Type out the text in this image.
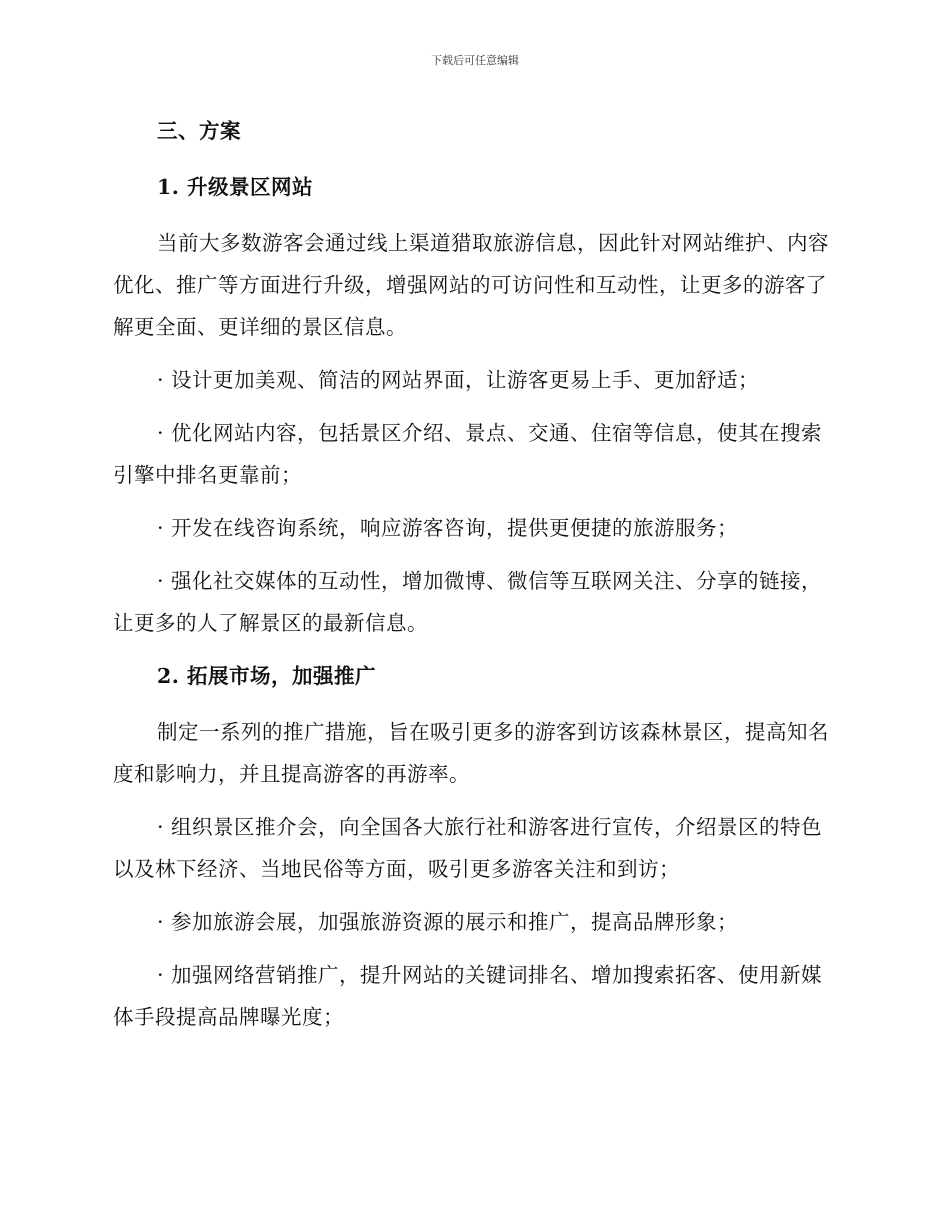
下载后可任意编辑

三、方案

1. 升级景区网站

当前大多数游客会通过线上渠道猎取旅游信息，因此针对网站维护、内容优化、推广等方面进行升级，增强网站的可访问性和互动性，让更多的游客了解更全面、更详细的景区信息。

· 设计更加美观、简洁的网站界面，让游客更易上手、更加舒适；

· 优化网站内容，包括景区介绍、景点、交通、住宿等信息，使其在搜索引擎中排名更靠前；

· 开发在线咨询系统，响应游客咨询，提供更便捷的旅游服务；

· 强化社交媒体的互动性，增加微博、微信等互联网关注、分享的链接，让更多的人了解景区的最新信息。

2. 拓展市场，加强推广

制定一系列的推广措施，旨在吸引更多的游客到访该森林景区，提高知名度和影响力，并且提高游客的再游率。

· 组织景区推介会，向全国各大旅行社和游客进行宣传，介绍景区的特色以及林下经济、当地民俗等方面，吸引更多游客关注和到访；

· 参加旅游会展，加强旅游资源的展示和推广，提高品牌形象；

· 加强网络营销推广，提升网站的关键词排名、增加搜索拓客、使用新媒体手段提高品牌曝光度；
